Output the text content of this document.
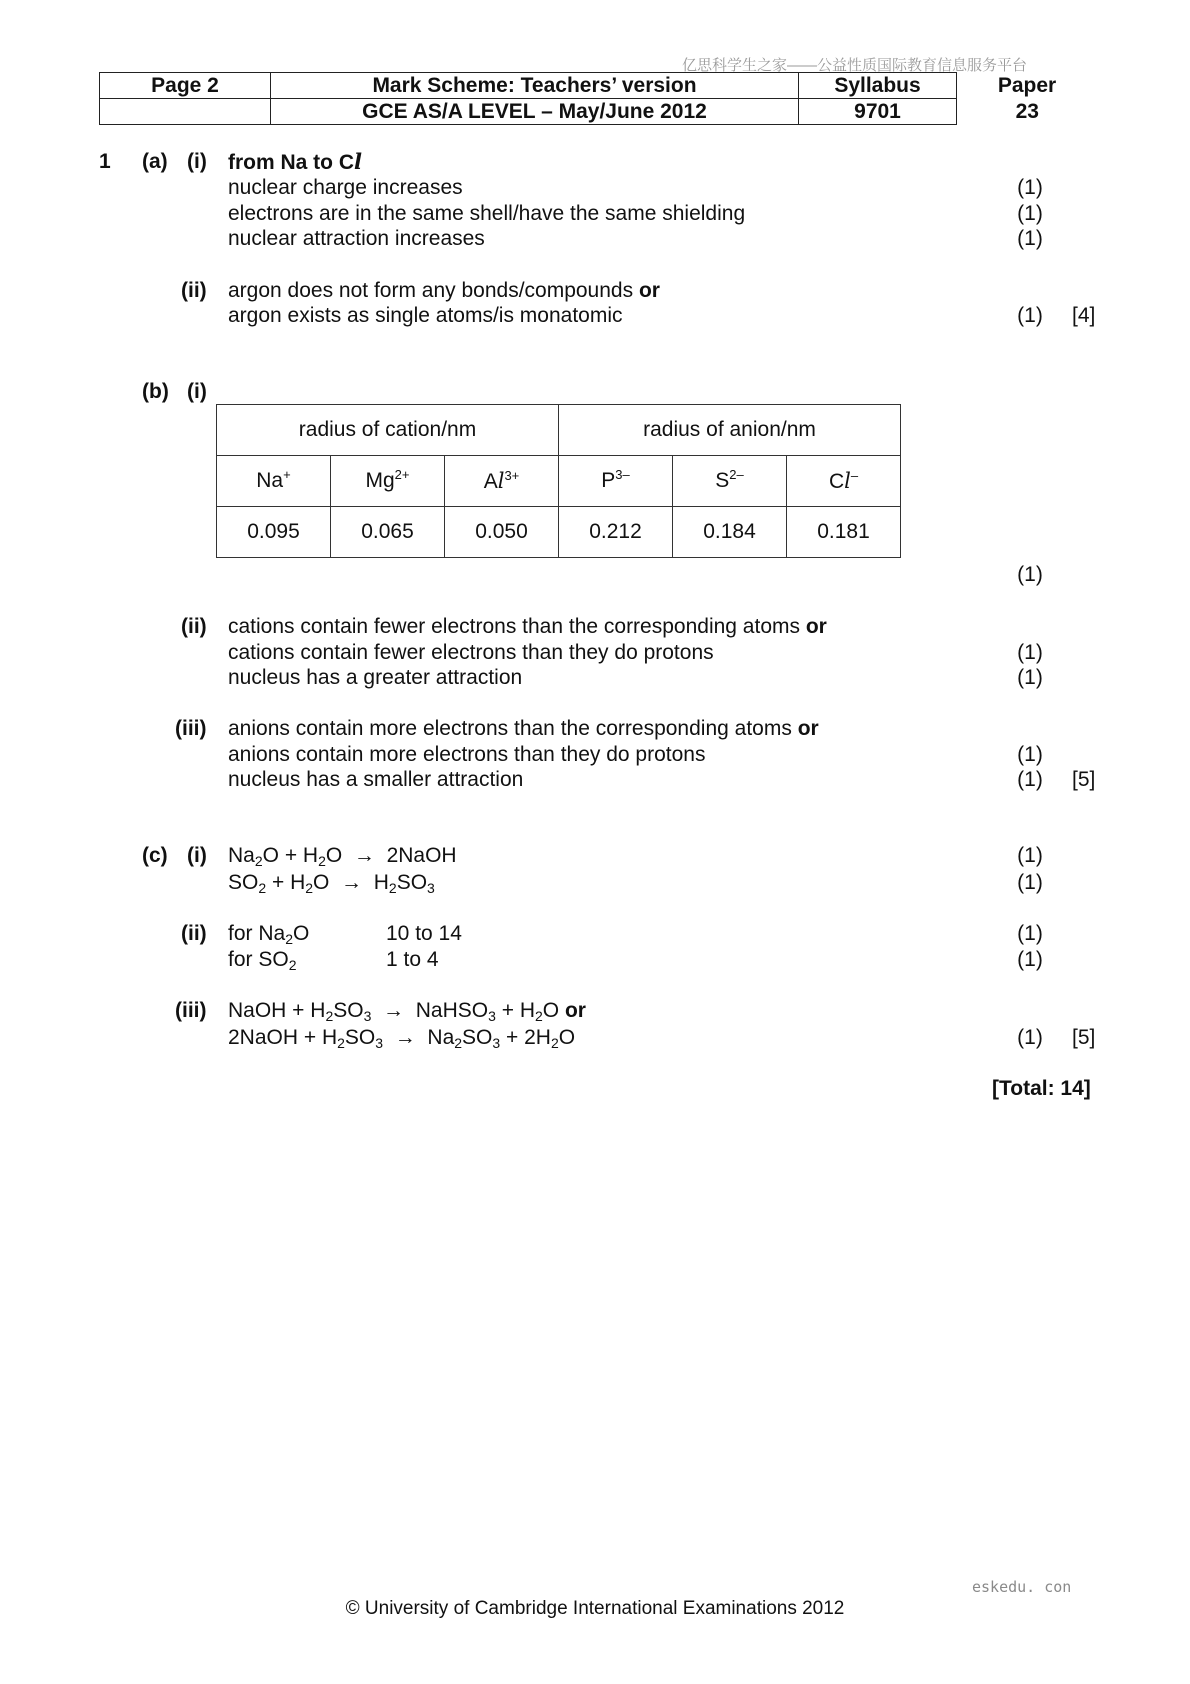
亿思科学生之家——公益性质国际教育信息服务平台
Page 2	Mark Scheme: Teachers’ version	Syllabus	Paper
	GCE AS/A LEVEL – May/June 2012	9701	23
1 (a) (i) from Na to Cl
nuclear charge increases	(1)
electrons are in the same shell/have the same shielding	(1)
nuclear attraction increases	(1)
(ii) argon does not form any bonds/compounds or
argon exists as single atoms/is monatomic	(1)	[4]
(b) (i)
radius of cation/nm			radius of anion/nm		
Na+	$Mg^{2+}$	$Al^{3+}$	$P^{3-}$	$S^{2-}$	Cl–
0.095	0.065	0.050	0.212	0.184	0.181
(1)
(ii) cations contain fewer electrons than the corresponding atoms or
cations contain fewer electrons than they do protons	(1)
nucleus has a greater attraction	(1)
(iii) anions contain more electrons than the corresponding atoms or
anions contain more electrons than they do protons	(1)
nucleus has a smaller attraction	(1)	[5]
(c) (i) $Na_2O + H_2O$  →  2NaOH	(1)
$SO_2 + H_2O \to H_2SO_3$	(1)
(ii) for $Na_2O$	10 to 14	(1)
for $SO_2$	1 to 4	(1)
(iii) NaOH + $H_2SO_3$  →  NaHSO$_3$ + $H_2O$ or
2NaOH + $H_2SO_3 \to Na_2SO_3 + 2H_2O$	(1)	[5]
[Total: 14]
eskedu. con
© University of Cambridge International Examinations 2012
